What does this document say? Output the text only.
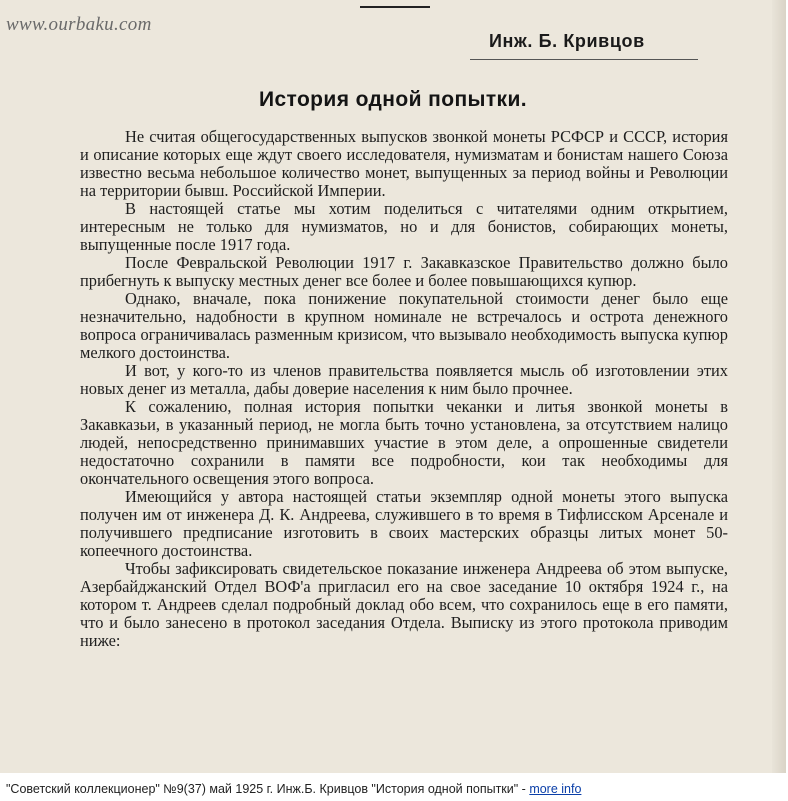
www.ourbaku.com
Инж. Б. Кривцов
История одной попытки.

Не считая общегосударственных выпусков звонкой монеты РСФСР и СССР, история и описание которых еще ждут своего исследователя, нумизматам и бонистам нашего Союза известно весьма небольшое количество монет, выпущенных за период войны и Революции на территории бывш. Российской Империи.

В настоящей статье мы хотим поделиться с читателями одним открытием, интересным не только для нумизматов, но и для бонистов, собирающих монеты, выпущенные после 1917 года.

После Февральской Революции 1917 г. Закавказское Правительство должно было прибегнуть к выпуску местных денег все более и более повышающихся купюр.

Однако, вначале, пока понижение покупательной стоимости денег было еще незначительно, надобности в крупном номинале не встречалось и острота денежного вопроса ограничивалась разменным кризисом, что вызывало необходимость выпуска купюр мелкого достоинства.

И вот, у кого-то из членов правительства появляется мысль об изготовлении этих новых денег из металла, дабы доверие населения к ним было прочнее.

К сожалению, полная история попытки чеканки и литья звонкой монеты в Закавказьи, в указанный период, не могла быть точно установлена, за отсутствием налицо людей, непосредственно принимавших участие в этом деле, а опрошенные свидетели недостаточно сохранили в памяти все подробности, кои так необходимы для окончательного освещения этого вопроса.

Имеющийся у автора настоящей статьи экземпляр одной монеты этого выпуска получен им от инженера Д. К. Андреева, служившего в то время в Тифлисском Арсенале и получившего предписание изготовить в своих мастерских образцы литых монет 50-копеечного достоинства.

Чтобы зафиксировать свидетельское показание инженера Андреева об этом выпуске, Азербайджанский Отдел ВОФ'а пригласил его на свое заседание 10 октября 1924 г., на котором т. Андреев сделал подробный доклад обо всем, что сохранилось еще в его памяти, что и было занесено в протокол заседания Отдела. Выписку из этого протокола приводим ниже:

"Советский коллекционер" №9(37) май 1925 г. Инж.Б. Кривцов "История одной попытки" - more info
